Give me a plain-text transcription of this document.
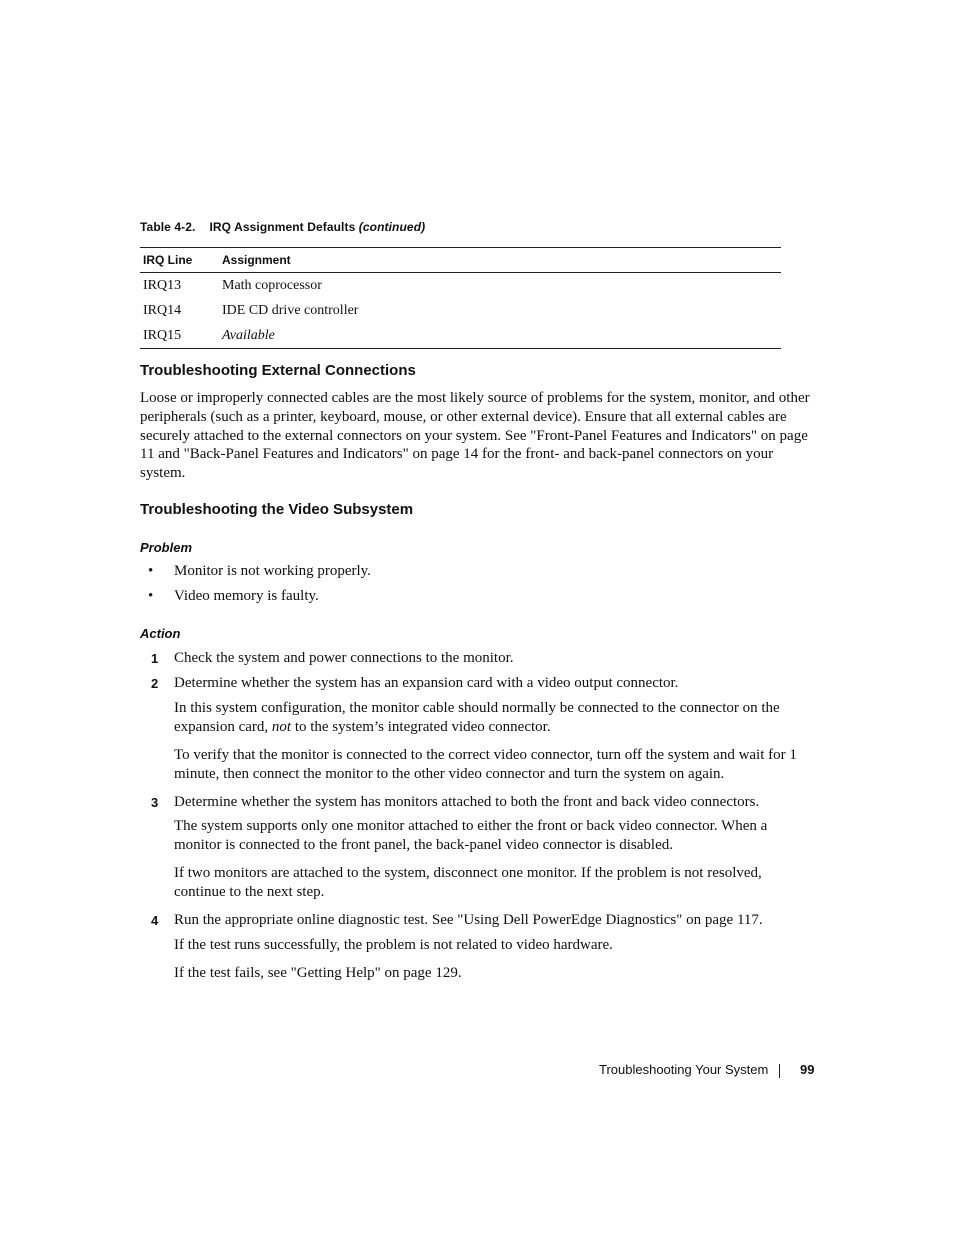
Table 4-2. IRQ Assignment Defaults (continued)
IRQ Line	Assignment
IRQ13	Math coprocessor
IRQ14	IDE CD drive controller
IRQ15	Available
Troubleshooting External Connections

Loose or improperly connected cables are the most likely source of problems for the system, monitor, and other peripherals (such as a printer, keyboard, mouse, or other external device). Ensure that all external cables are securely attached to the external connectors on your system. See "Front-Panel Features and Indicators" on page 11 and "Back-Panel Features and Indicators" on page 14 for the front- and back-panel connectors on your system.

Troubleshooting the Video Subsystem
Problem
• Monitor is not working properly.
• Video memory is faulty.
Action
1 Check the system and power connections to the monitor.

2 Determine whether the system has an expansion card with a video output connector.

In this system configuration, the monitor cable should normally be connected to the connector on the expansion card, not to the system’s integrated video connector.

To verify that the monitor is connected to the correct video connector, turn off the system and wait for 1 minute, then connect the monitor to the other video connector and turn the system on again.

3 Determine whether the system has monitors attached to both the front and back video connectors.

The system supports only one monitor attached to either the front or back video connector. When a monitor is connected to the front panel, the back-panel video connector is disabled.

If two monitors are attached to the system, disconnect one monitor. If the problem is not resolved, continue to the next step.

4 Run the appropriate online diagnostic test. See "Using Dell PowerEdge Diagnostics" on page 117.

If the test runs successfully, the problem is not related to video hardware.

If the test fails, see "Getting Help" on page 129.

Troubleshooting Your System 99
